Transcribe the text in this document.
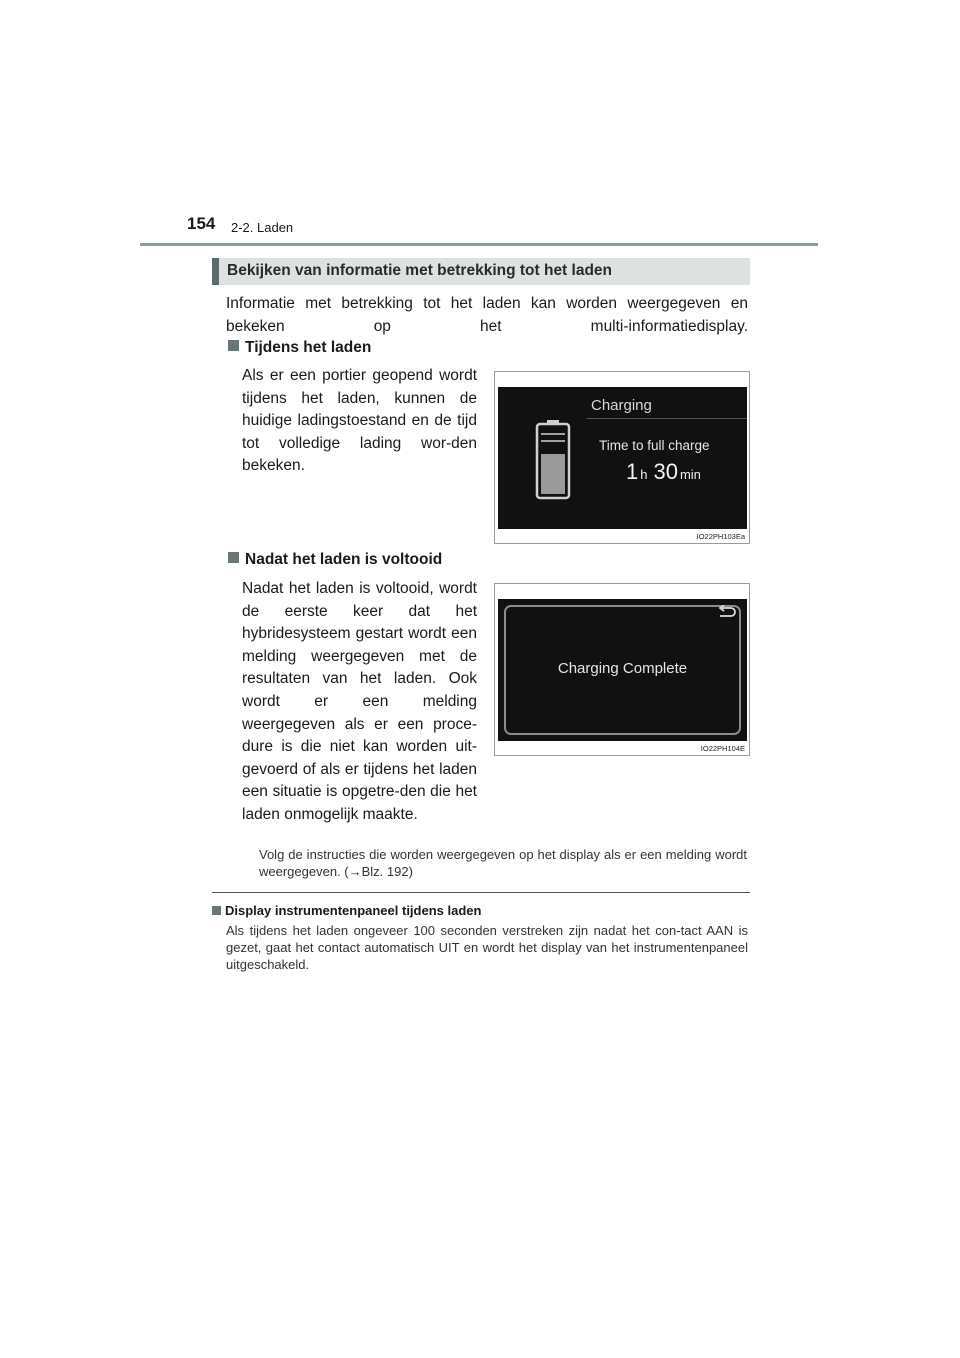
154 2-2. Laden
Bekijken van informatie met betrekking tot het laden
Informatie met betrekking tot het laden kan worden weergegeven en bekeken op het multi-informatiedisplay.
Tijdens het laden
Als er een portier geopend wordt tijdens het laden, kunnen de huidige ladingstoestand en de tijd tot volledige lading wor-den bekeken.
Charging
Time to full charge
1 h 30 min
IO22PH103Ea
Nadat het laden is voltooid
Nadat het laden is voltooid, wordt de eerste keer dat het hybridesysteem gestart wordt een melding weergegeven met de resultaten van het laden. Ook wordt er een melding weergegeven als er een proce-dure is die niet kan worden uit-gevoerd of als er tijdens het laden een situatie is opgetre-den die het laden onmogelijk maakte.
Charging Complete
IO22PH104E
Volg de instructies die worden weergegeven op het display als er een melding wordt weergegeven. (→Blz. 192)
Display instrumentenpaneel tijdens laden
Als tijdens het laden ongeveer 100 seconden verstreken zijn nadat het con-tact AAN is gezet, gaat het contact automatisch UIT en wordt het display van het instrumentenpaneel uitgeschakeld.
